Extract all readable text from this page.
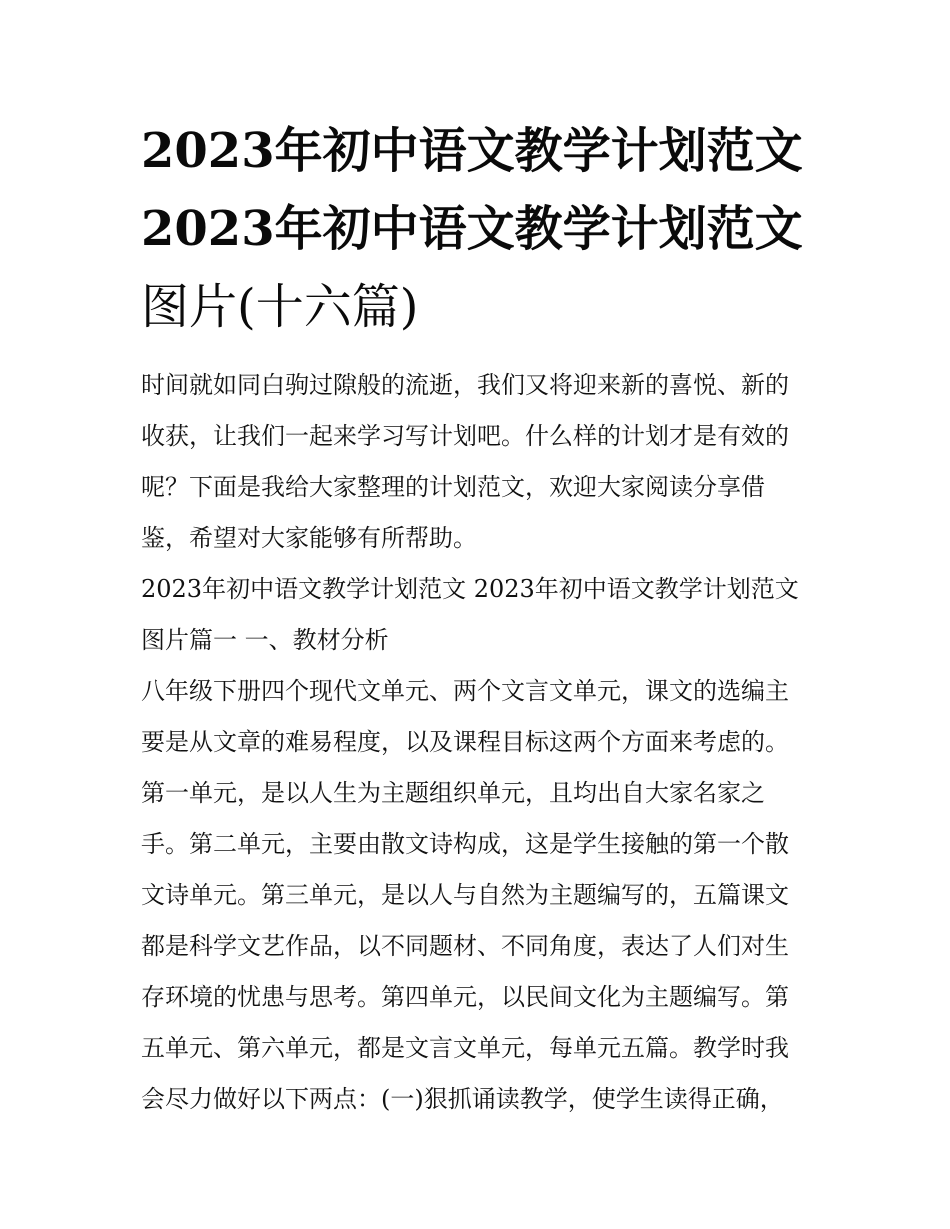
2023年初中语文教学计划范文
2023年初中语文教学计划范文
图片(十六篇)

时间就如同白驹过隙般的流逝，我们又将迎来新的喜悦、新的
收获，让我们一起来学习写计划吧。什么样的计划才是有效的
呢？下面是我给大家整理的计划范文，欢迎大家阅读分享借
鉴，希望对大家能够有所帮助。

2023年初中语文教学计划范文 2023年初中语文教学计划范文
图片篇一 一、教材分析

八年级下册四个现代文单元、两个文言文单元，课文的选编主
要是从文章的难易程度，以及课程目标这两个方面来考虑的。
第一单元，是以人生为主题组织单元，且均出自大家名家之
手。第二单元，主要由散文诗构成，这是学生接触的第一个散
文诗单元。第三单元，是以人与自然为主题编写的，五篇课文
都是科学文艺作品，以不同题材、不同角度，表达了人们对生
存环境的忧患与思考。第四单元，以民间文化为主题编写。第
五单元、第六单元，都是文言文单元，每单元五篇。教学时我
会尽力做好以下两点：(一)狠抓诵读教学，使学生读得正确，
